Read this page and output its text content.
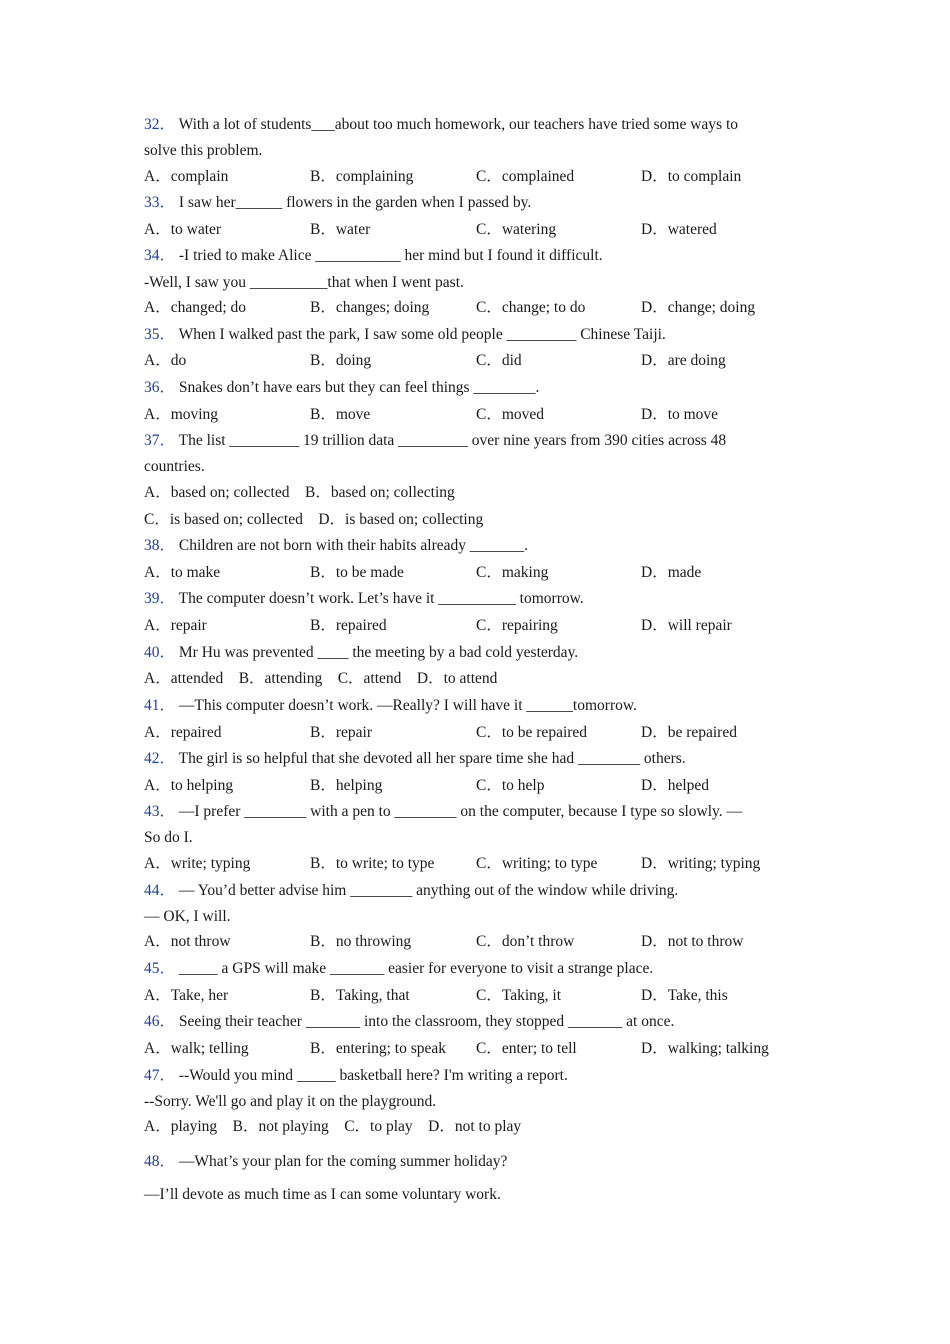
32． With a lot of students___about too much homework, our teachers have tried some ways to
solve this problem.
A．complain	B．complaining	C．complained	D．to complain
33． I saw her______ flowers in the garden when I passed by.
A．to water	B．water	C．watering	D．watered
34． -I tried to make Alice ___________ her mind but I found it difficult.
-Well, I saw you __________that when I went past.
A．changed; do	B．changes; doing	C．change; to do	D．change; doing
35． When I walked past the park, I saw some old people _________ Chinese Taiji.
A．do	B．doing	C．did	D．are doing
36． Snakes don’t have ears but they can feel things ________.
A．moving	B．move	C．moved	D．to move
37． The list _________ 19 trillion data _________ over nine years from 390 cities across 48
countries.
A．based on; collected    B．based on; collecting
C．is based on; collected    D．is based on; collecting
38． Children are not born with their habits already _______.
A．to make	B．to be made	C．making	D．made
39． The computer doesn’t work. Let’s have it __________ tomorrow.
A．repair	B．repaired	C．repairing	D．will repair
40． Mr Hu was prevented ____ the meeting by a bad cold yesterday.
A．attended    B．attending    C．attend    D．to attend
41． —This computer doesn’t work. —Really? I will have it ______tomorrow.
A．repaired	B．repair	C．to be repaired	D．be repaired
42． The girl is so helpful that she devoted all her spare time she had ________ others.
A．to helping	B．helping	C．to help	D．helped
43． —I prefer ________ with a pen to ________ on the computer, because I type so slowly. —
So do I.
A．write; typing	B．to write; to type	C．writing; to type	D．writing; typing
44． — You’d better advise him ________ anything out of the window while driving.
— OK, I will.
A．not throw	B．no throwing	C．don’t throw	D．not to throw
45． _____ a GPS will make _______ easier for everyone to visit a strange place.
A．Take, her	B．Taking, that	C．Taking, it	D．Take, this
46． Seeing their teacher _______ into the classroom, they stopped _______ at once.
A．walk; telling	B．entering; to speak C．enter; to tell	D．walking; talking
47． --Would you mind _____ basketball here? I'm writing a report.
--Sorry. We'll go and play it on the playground.
A．playing    B．not playing    C．to play    D．not to play
48． —What’s your plan for the coming summer holiday?
—I’ll devote as much time as I can some voluntary work.
